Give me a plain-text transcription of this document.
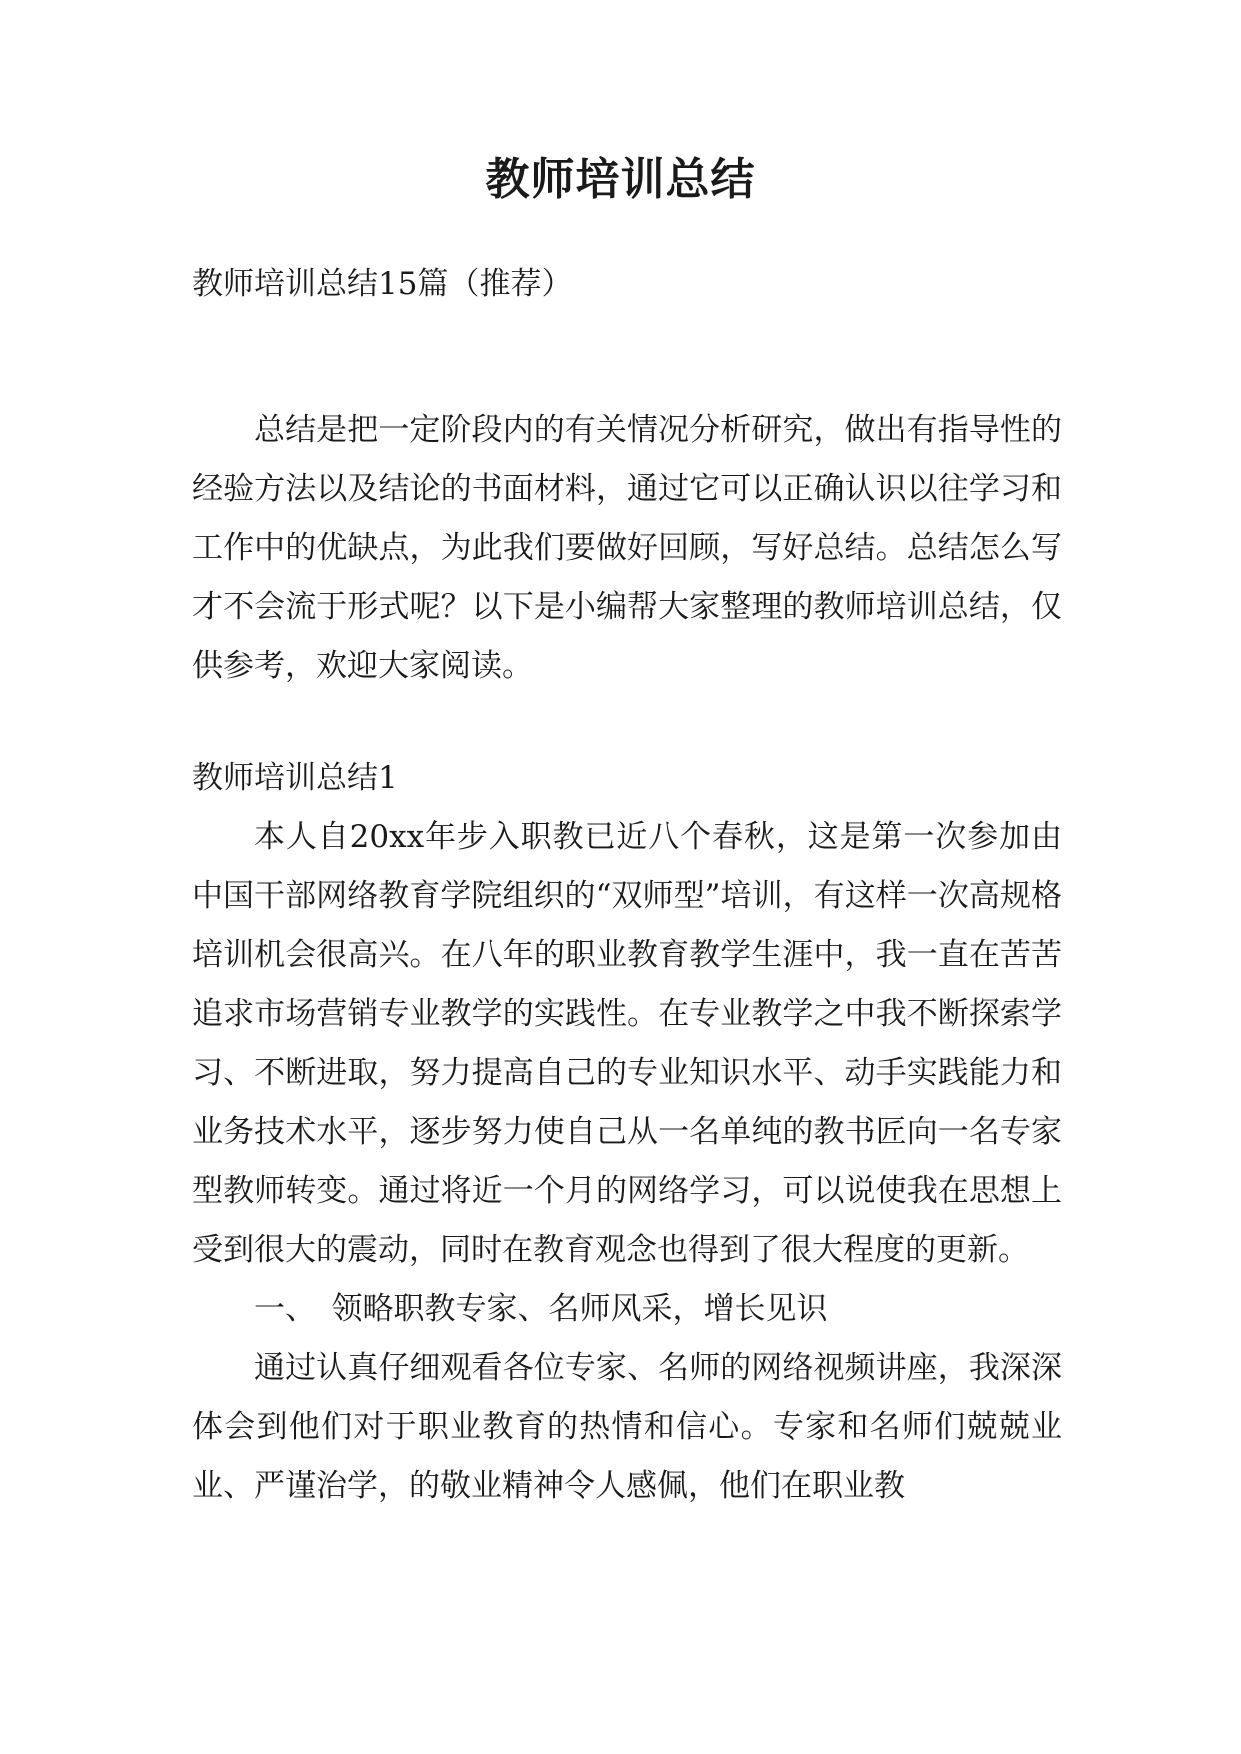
教师培训总结
教师培训总结15篇（推荐）

总结是把一定阶段内的有关情况分析研究，做出有指导性的经验方法以及结论的书面材料，通过它可以正确认识以往学习和工作中的优缺点，为此我们要做好回顾，写好总结。总结怎么写才不会流于形式呢？以下是小编帮大家整理的教师培训总结，仅供参考，欢迎大家阅读。

教师培训总结1

本人自20xx年步入职教已近八个春秋，这是第一次参加由中国干部网络教育学院组织的“双师型”培训，有这样一次高规格培训机会很高兴。在八年的职业教育教学生涯中，我一直在苦苦追求市场营销专业教学的实践性。在专业教学之中我不断探索学习、不断进取，努力提高自己的专业知识水平、动手实践能力和业务技术水平，逐步努力使自己从一名单纯的教书匠向一名专家型教师转变。通过将近一个月的网络学习，可以说使我在思想上受到很大的震动，同时在教育观念也得到了很大程度的更新。

一、　领略职教专家、名师风采，增长见识

通过认真仔细观看各位专家、名师的网络视频讲座，我深深体会到他们对于职业教育的热情和信心。专家和名师们兢兢业业、严谨治学，的敬业精神令人感佩，他们在职业教
